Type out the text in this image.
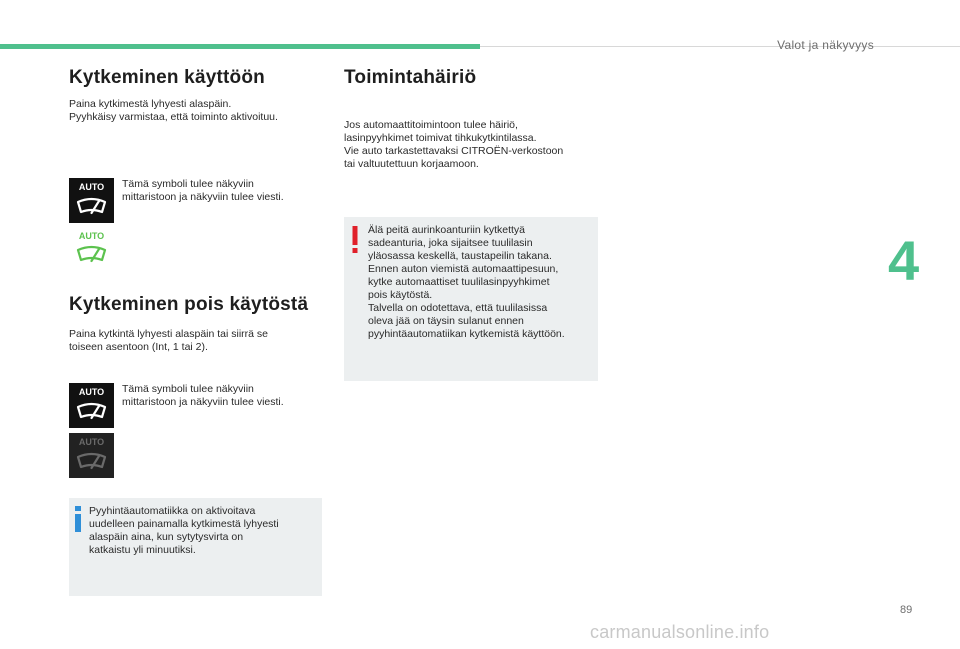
Valot ja näkyvyys
Kytkeminen käyttöön
Paina kytkimestä lyhyesti alaspäin.
Pyyhkäisy varmistaa, että toiminto aktivoituu.
AUTO Tämä symboli tulee näkyviin
mittaristoon ja näkyviin tulee viesti.
AUTO
Kytkeminen pois käytöstä
Paina kytkintä lyhyesti alaspäin tai siirrä se
toiseen asentoon (Int, 1 tai 2).
AUTO Tämä symboli tulee näkyviin
mittaristoon ja näkyviin tulee viesti.
AUTO
Pyyhintäautomatiikka on aktivoitava
uudelleen painamalla kytkimestä lyhyesti
alaspäin aina, kun sytytysvirta on
katkaistu yli minuutiksi.
Toimintahäiriö
Jos automaattitoimintoon tulee häiriö,
lasinpyyhkimet toimivat tihkukytkintilassa.
Vie auto tarkastettavaksi CITROËN-verkostoon
tai valtuutettuun korjaamoon.
Älä peitä aurinkoanturiin kytkettyä
sadeanturia, joka sijaitsee tuulilasin
yläosassa keskellä, taustapeilin takana.
Ennen auton viemistä automaattipesuun,
kytke automaattiset tuulilasinpyyhkimet
pois käytöstä.
Talvella on odotettava, että tuulilasissa
oleva jää on täysin sulanut ennen
pyyhintäautomatiikan kytkemistä käyttöön.
4
89
carmanualsonline.info
